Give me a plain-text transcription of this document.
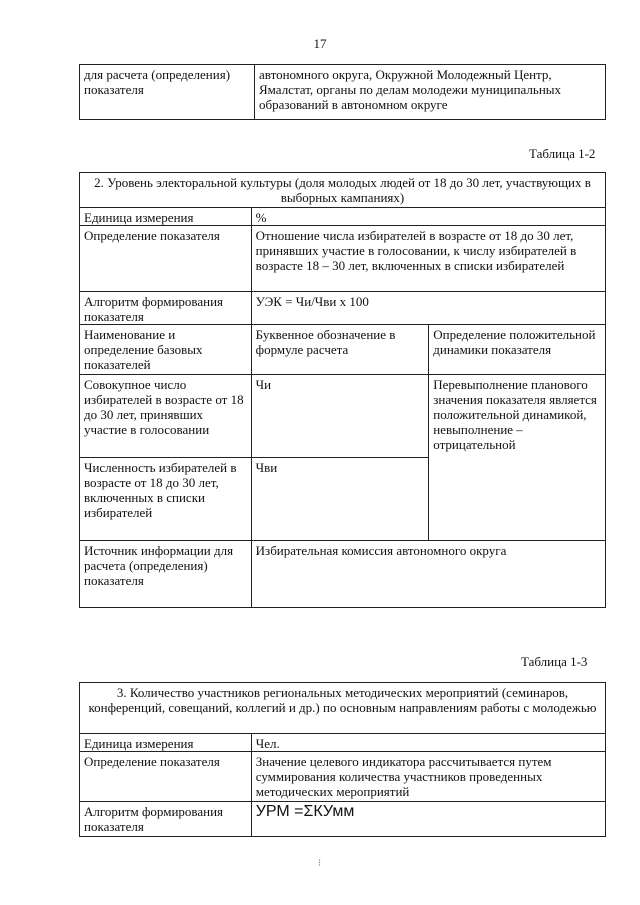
17
для расчета (определения) показателя	автономного округа, Окружной Молодежный Центр, Ямалстат, органы по делам молодежи муниципальных образований в автономном округе
Таблица 1-2
2. Уровень электоральной культуры (доля молодых людей от 18 до 30 лет, участвующих в выборных кампаниях)		
Единица измерения	%	
Определение показателя	Отношение числа избирателей в возрасте от 18 до 30 лет, принявших участие в голосовании, к числу избирателей в возрасте 18 – 30 лет, включенных в списки избирателей	
Алгоритм формирования показателя	УЭК = Чи/Чви х 100	
Наименование и определение базовых показателей	Буквенное обозначение в формуле расчета	Определение положительной динамики показателя
Совокупное число избирателей в возрасте от 18 до 30 лет, принявших участие в голосовании	Чи	Перевыполнение планового значения показателя является положительной динамикой, невыполнение – отрицательной
Численность избирателей в возрасте от 18 до 30 лет, включенных в списки избирателей	Чви	
Источник информации для расчета (определения) показателя	Избирательная комиссия автономного округа	
Таблица 1-3
3. Количество участников региональных методических мероприятий (семинаров, конференций, совещаний, коллегий и др.) по основным направлениям работы с молодежью	
Единица измерения	Чел.
Определение показателя	Значение целевого индикатора рассчитывается путем суммирования количества участников проведенных методических мероприятий
Алгоритм формирования показателя	УРМ =ΣКУмм
⁝
